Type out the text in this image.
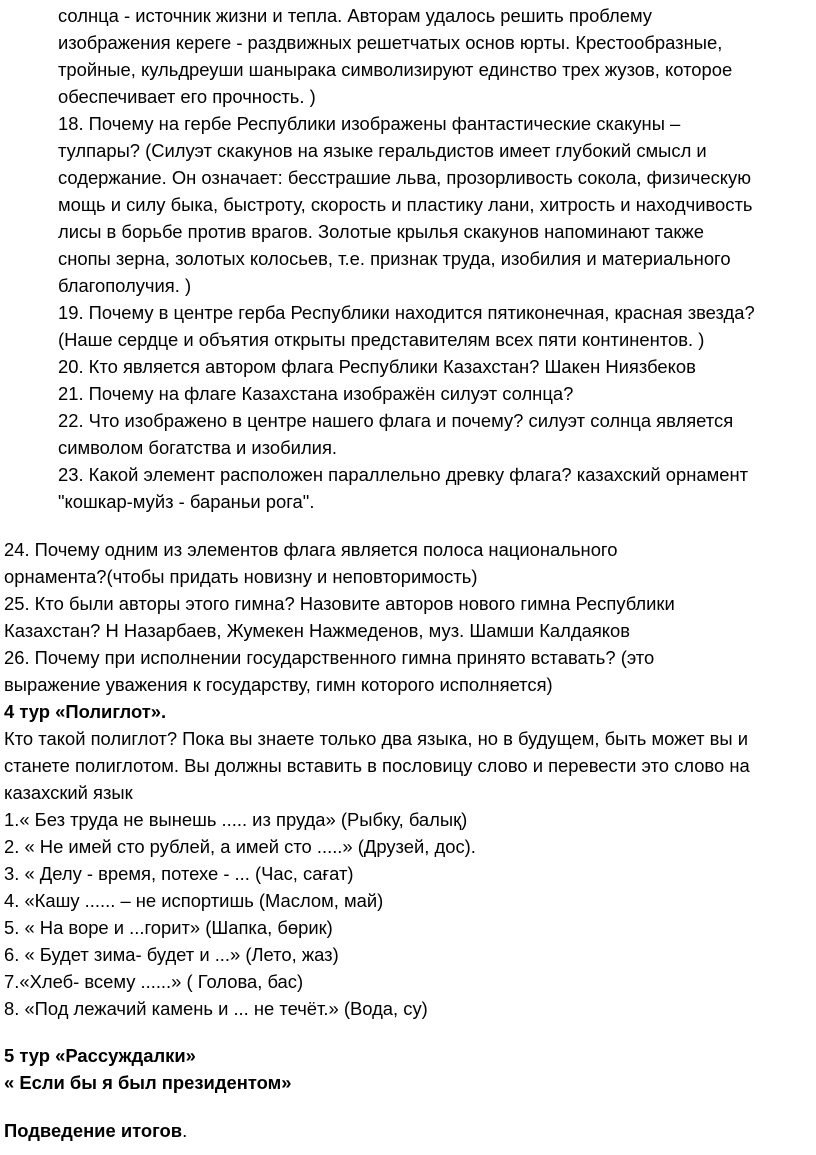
солнца - источник жизни и тепла. Авторам удалось решить проблему
изображения кереге - раздвижных решетчатых основ юрты. Крестообразные,
тройные, кульдреуши шанырака символизируют единство трех жузов, которое
обеспечивает его прочность. )
18. Почему на гербе Республики изображены фантастические скакуны –
тулпары? (Силуэт скакунов на языке геральдистов имеет глубокий смысл и
содержание. Он означает: бесстрашие льва, прозорливость сокола, физическую
мощь и силу быка, быстроту, скорость и пластику лани, хитрость и находчивость
лисы в борьбе против врагов. Золотые крылья скакунов напоминают также
снопы зерна, золотых колосьев, т.е. признак труда, изобилия и материального
благополучия. )
19. Почему в центре герба Республики находится пятиконечная, красная звезда?
(Наше сердце и объятия открыты представителям всех пяти континентов. )
20. Кто является автором флага Республики Казахстан? Шакен Ниязбеков
21. Почему на флаге Казахстана изображён силуэт солнца?
22. Что изображено в центре нашего флага и почему? силуэт солнца является
символом богатства и изобилия.
23. Какой элемент расположен параллельно древку флага? казахский орнамент
"кошкар-муйз - бараньи рога".
24. Почему одним из элементов флага является полоса национального
орнамента?(чтобы придать новизну и неповторимость)
25. Кто были авторы этого гимна? Назовите авторов нового гимна Республики
Казахстан? Н Назарбаев, Жумекен Нажмеденов, муз. Шамши Калдаяков
26. Почему при исполнении государственного гимна принято вставать? (это
выражение уважения к государству, гимн которого исполняется)
4 тур «Полиглот».
Кто такой полиглот? Пока вы знаете только два языка, но в будущем, быть может вы и
станете полиглотом. Вы должны вставить в пословицу слово и перевести это слово на
казахский язык
1.« Без труда не вынешь ..... из пруда» (Рыбку, балық)
2. « Не имей сто рублей, а имей сто .....» (Друзей, дос).
3. « Делу - время, потехе - ... (Час, сағат)
4. «Кашу ...... – не испортишь (Маслом, май)
5. « На воре и ...горит» (Шапка, бөрик)
6. « Будет зима- будет и ...» (Лето, жаз)
7.«Хлеб- всему ......» ( Голова, бас)
8. «Под лежачий камень и ... не течёт.» (Вода, су)
5 тур «Рассуждалки»
« Если бы я был президентом»
Подведение итогов.
